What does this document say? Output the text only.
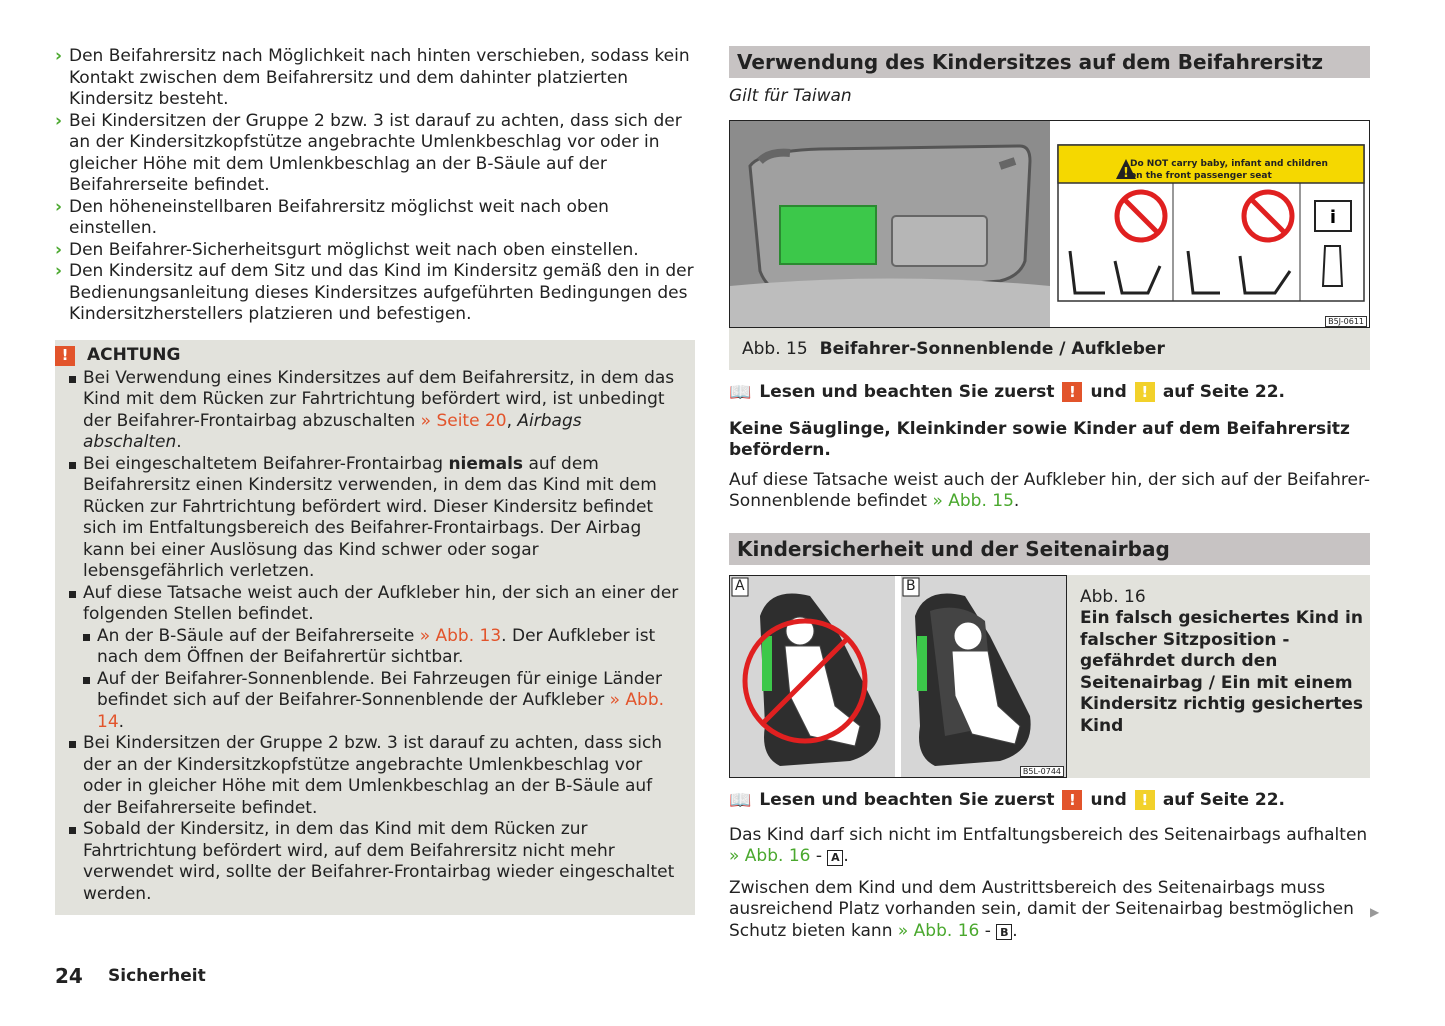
› Den Beifahrersitz nach Möglichkeit nach hinten verschieben, sodass kein Kontakt zwischen dem Beifahrersitz und dem dahinter platzierten Kindersitz besteht.
› Bei Kindersitzen der Gruppe 2 bzw. 3 ist darauf zu achten, dass sich der an der Kindersitzkopfstütze angebrachte Umlenkbeschlag vor oder in gleicher Höhe mit dem Umlenkbeschlag an der B-Säule auf der Beifahrerseite befindet.
› Den höheneinstellbaren Beifahrersitz möglichst weit nach oben einstellen.
› Den Beifahrer-Sicherheitsgurt möglichst weit nach oben einstellen.
› Den Kindersitz auf dem Sitz und das Kind im Kindersitz gemäß den in der Bedienungsanleitung dieses Kindersitzes aufgeführten Bedingungen des Kindersitzherstellers platzieren und befestigen.
!	ACHTUNG
Bei Verwendung eines Kindersitzes auf dem Beifahrersitz, in dem das Kind mit dem Rücken zur Fahrtrichtung befördert wird, ist unbedingt der Beifahrer-Frontairbag abzuschalten » Seite 20, Airbags abschalten.
Bei eingeschaltetem Beifahrer-Frontairbag niemals auf dem Beifahrersitz einen Kindersitz verwenden, in dem das Kind mit dem Rücken zur Fahrtrichtung befördert wird. Dieser Kindersitz befindet sich im Entfaltungsbereich des Beifahrer-Frontairbags. Der Airbag kann bei einer Auslösung das Kind schwer oder sogar lebensgefährlich verletzen.
Auf diese Tatsache weist auch der Aufkleber hin, der sich an einer der folgenden Stellen befindet.
An der B-Säule auf der Beifahrerseite » Abb. 13. Der Aufkleber ist nach dem Öffnen der Beifahrertür sichtbar.
Auf der Beifahrer-Sonnenblende. Bei Fahrzeugen für einige Länder befindet sich auf der Beifahrer-Sonnenblende der Aufkleber » Abb. 14.
Bei Kindersitzen der Gruppe 2 bzw. 3 ist darauf zu achten, dass sich der an der Kindersitzkopfstütze angebrachte Umlenkbeschlag vor oder in gleicher Höhe mit dem Umlenkbeschlag an der B-Säule auf der Beifahrerseite befindet.
Sobald der Kindersitz, in dem das Kind mit dem Rücken zur Fahrtrichtung befördert wird, auf dem Beifahrersitz nicht mehr verwendet wird, sollte der Beifahrer-Frontairbag wieder eingeschaltet werden.
Verwendung des Kindersitzes auf dem Beifahrersitz
Gilt für Taiwan
!
i
Do NOT carry baby, infant and children
on the front passenger seat
B5J-0611
Abb. 15 Beifahrer-Sonnenblende / Aufkleber
📖 Lesen und beachten Sie zuerst ! und ! auf Seite 22.
Keine Säuglinge, Kleinkinder sowie Kinder auf dem Beifahrersitz befördern.
Auf diese Tatsache weist auch der Aufkleber hin, der sich auf der Beifahrer-Sonnenblende befindet » Abb. 15.
Kindersicherheit und der Seitenairbag
A	B
B5L-0744
Abb. 16
Ein falsch gesichertes Kind in falscher Sitzposition - gefährdet durch den Seitenairbag / Ein mit einem Kindersitz richtig gesichertes Kind
📖 Lesen und beachten Sie zuerst ! und ! auf Seite 22.
Das Kind darf sich nicht im Entfaltungsbereich des Seitenairbags aufhalten » Abb. 16 - A .
Zwischen dem Kind und dem Austrittsbereich des Seitenairbags muss ausreichend Platz vorhanden sein, damit der Seitenairbag bestmöglichen Schutz bieten kann » Abb. 16 - B .
▶
24 Sicherheit
